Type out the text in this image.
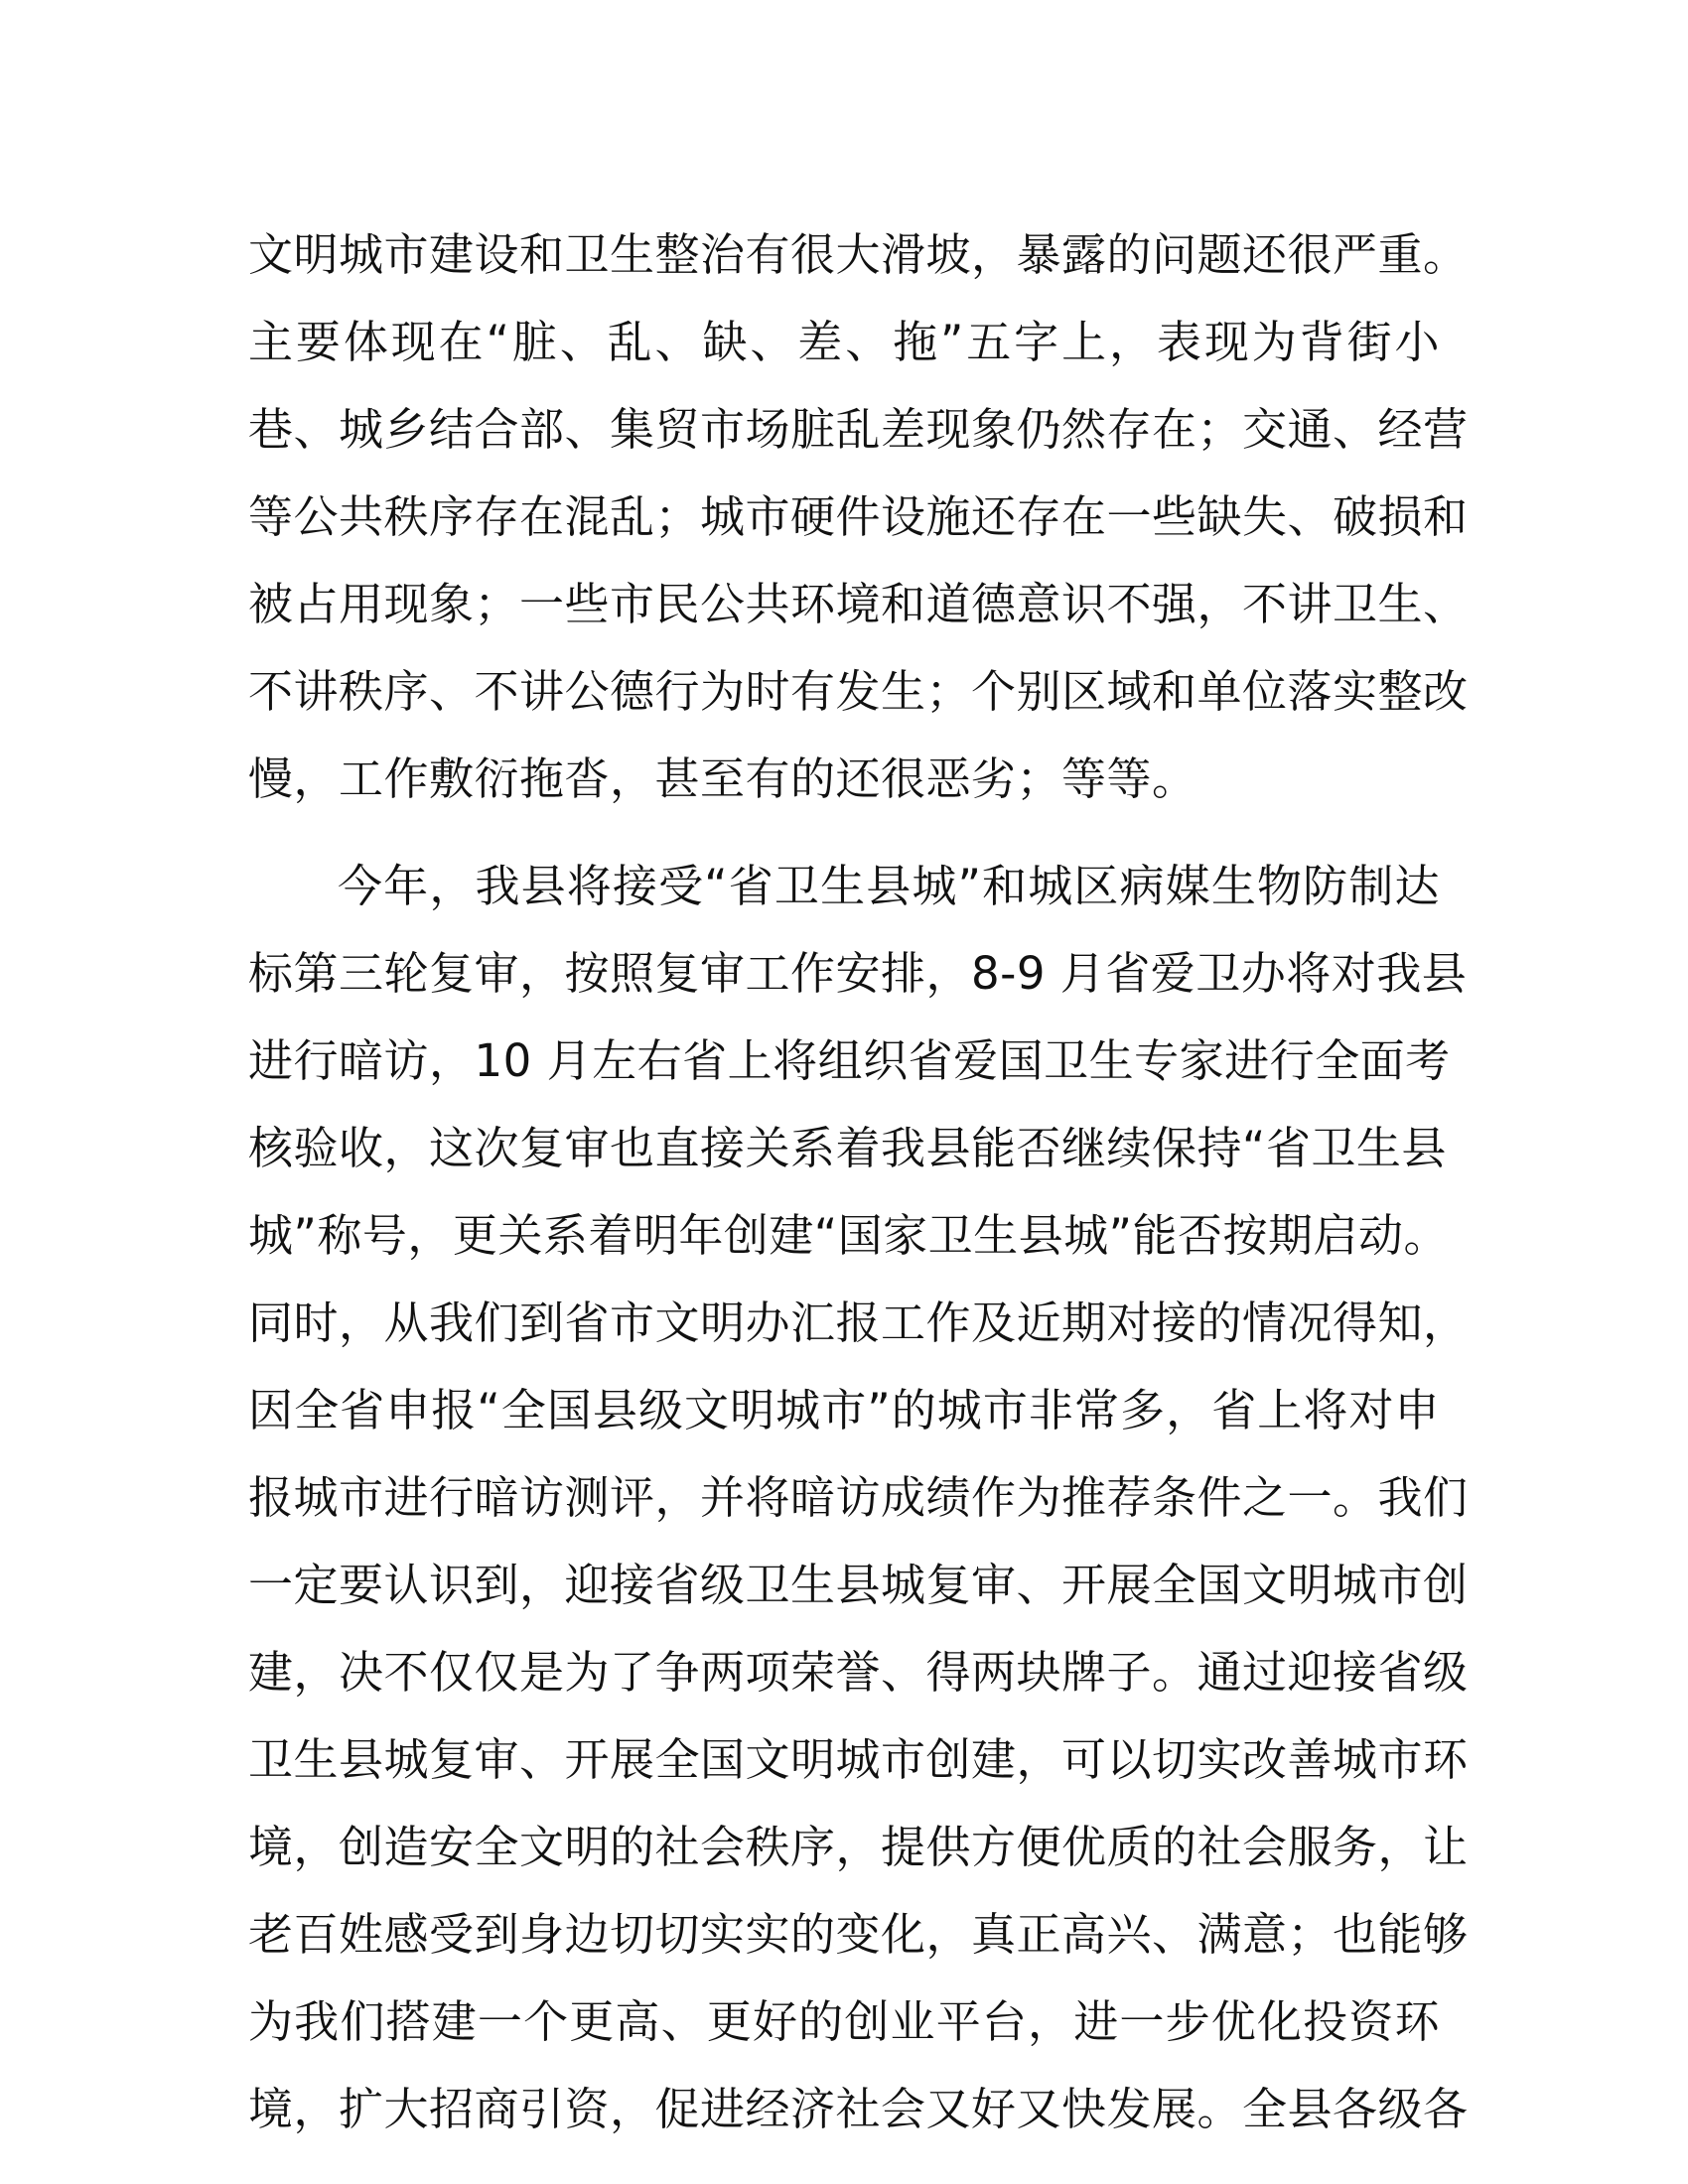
文明城市建设和卫生整治有很大滑坡，暴露的问题还很严重。
主要体现在“脏、乱、缺、差、拖”五字上，表现为背街小
巷、城乡结合部、集贸市场脏乱差现象仍然存在；交通、经营
等公共秩序存在混乱；城市硬件设施还存在一些缺失、破损和
被占用现象；一些市民公共环境和道德意识不强，不讲卫生、
不讲秩序、不讲公德行为时有发生；个别区域和单位落实整改
慢，工作敷衍拖沓，甚至有的还很恶劣；等等。
今年，我县将接受“省卫生县城”和城区病媒生物防制达
标第三轮复审，按照复审工作安排，8-9 月省爱卫办将对我县
进行暗访，10 月左右省上将组织省爱国卫生专家进行全面考
核验收，这次复审也直接关系着我县能否继续保持“省卫生县
城”称号，更关系着明年创建“国家卫生县城”能否按期启动。
同时，从我们到省市文明办汇报工作及近期对接的情况得知，
因全省申报“全国县级文明城市”的城市非常多，省上将对申
报城市进行暗访测评，并将暗访成绩作为推荐条件之一。我们
一定要认识到，迎接省级卫生县城复审、开展全国文明城市创
建，决不仅仅是为了争两项荣誉、得两块牌子。通过迎接省级
卫生县城复审、开展全国文明城市创建，可以切实改善城市环
境，创造安全文明的社会秩序，提供方便优质的社会服务，让
老百姓感受到身边切切实实的变化，真正高兴、满意；也能够
为我们搭建一个更高、更好的创业平台，进一步优化投资环
境，扩大招商引资，促进经济社会又好又快发展。全县各级各
